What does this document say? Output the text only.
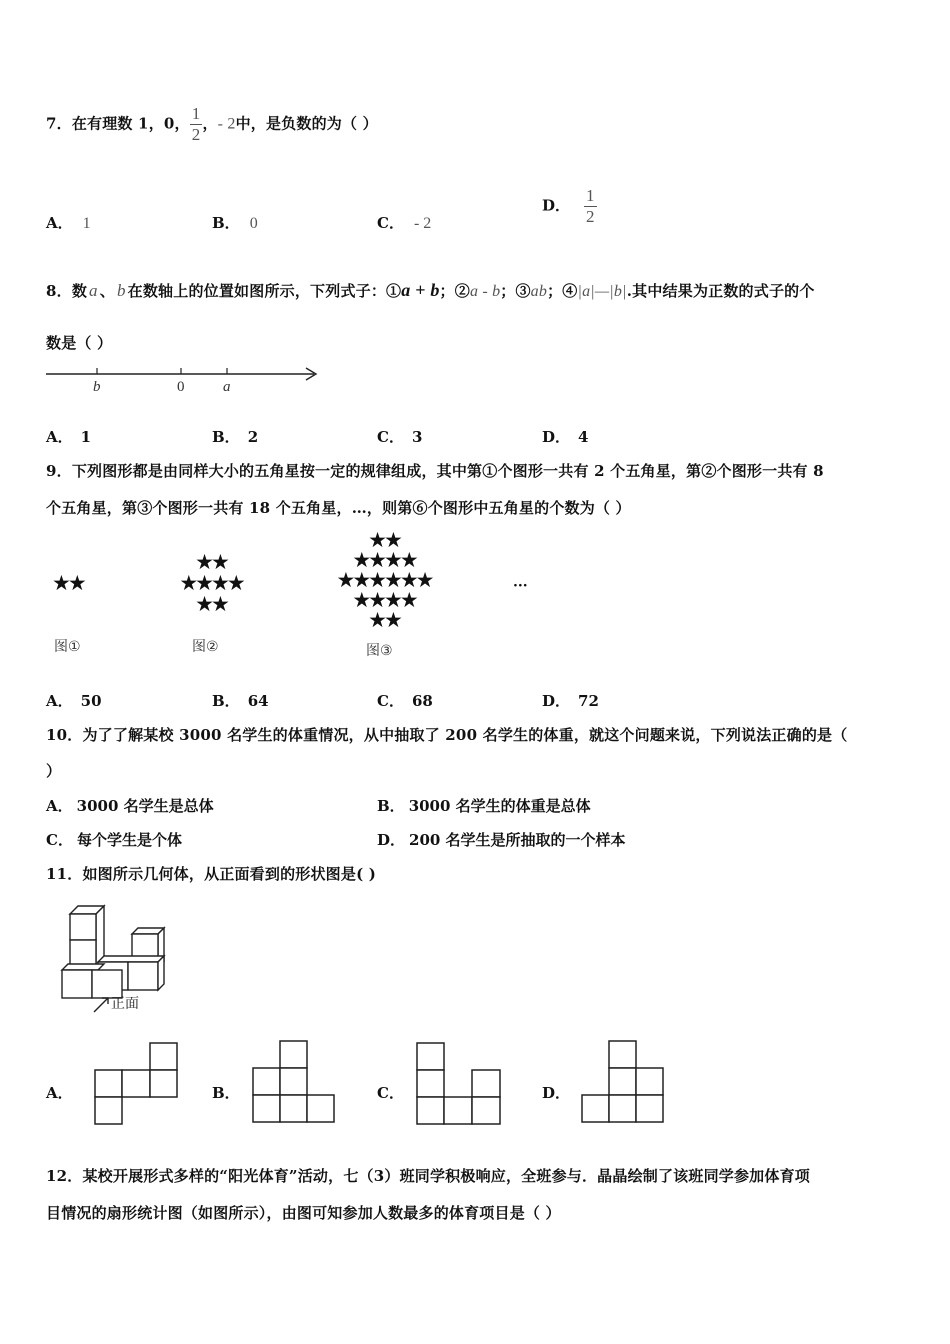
7．在有理数 1，0， $\frac{1}{2}$ ，- 2中，是负数的为（ ）
A． 1	B． 0	C． - 2
D． $\frac{1}{2}$
8．数 a 、 b 在数轴上的位置如图所示，下列式子：①a + b；②a - b；③ab；④|a|—|b|.其中结果为正数的式子的个
数是（ ）
b	0	a
A． 1	B． 2	C． 3	D． 4
9．下列图形都是由同样大小的五角星按一定的规律组成，其中第①个图形一共有 2 个五角星，第②个图形一共有 8
个五角星，第③个图形一共有 18 个五角星，…，则第⑥个图形中五角星的个数为（ ）
★★
图①
★★
★★★★
★★
图②
★★
★★★★
★★★★★★
★★★★
★★
图③
···
A． 50	B． 64	C． 68	D． 72
10．为了了解某校 3000 名学生的体重情况，从中抽取了 200 名学生的体重，就这个问题来说，下列说法正确的是（
）
A． 3000 名学生是总体	B． 3000 名学生的体重是总体
C． 每个学生是个体	D． 200 名学生是所抽取的一个样本
11．如图所示几何体，从正面看到的形状图是( )
正面
A．	B．	C．	D．
12．某校开展形式多样的“阳光体育”活动，七（3）班同学积极响应，全班参与．晶晶绘制了该班同学参加体育项
目情况的扇形统计图（如图所示），由图可知参加人数最多的体育项目是（ ）
